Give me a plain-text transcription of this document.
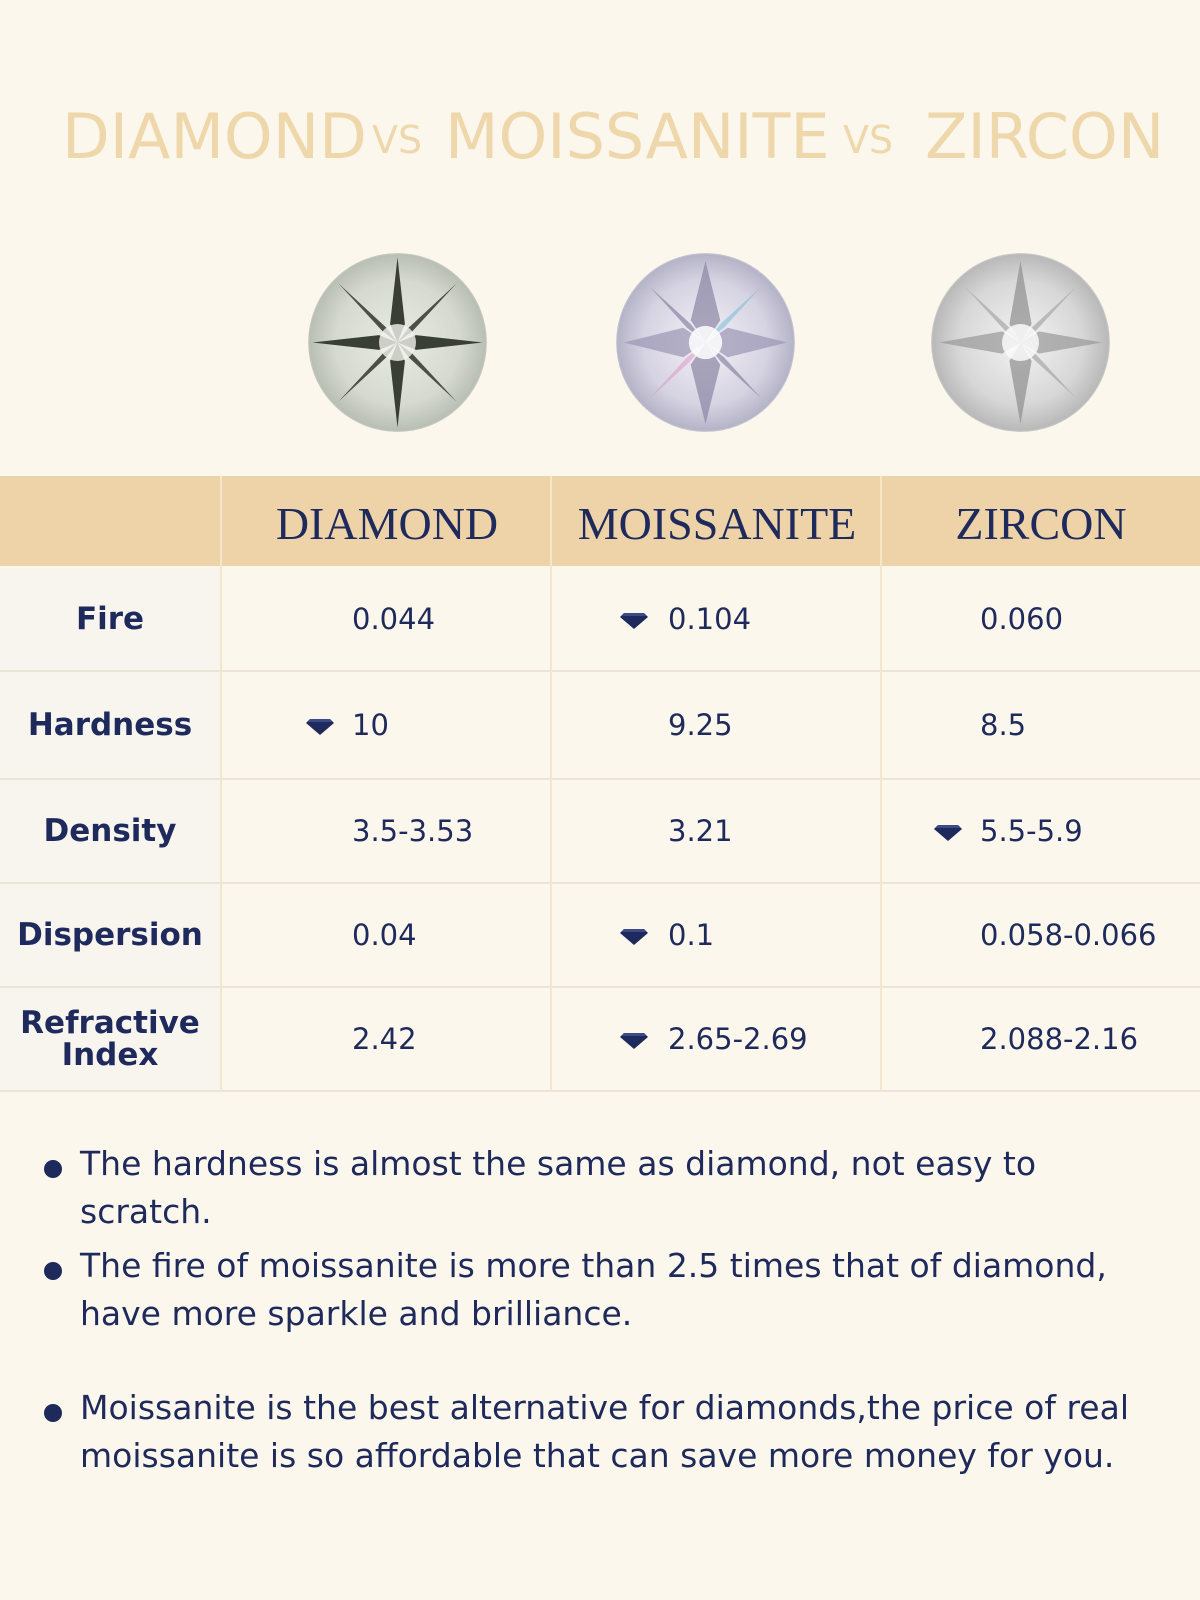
DIAMOND VS MOISSANITE VS ZIRCON
DIAMOND	MOISSANITE	ZIRCON
Fire	0.044	0.104	0.060
Hardness	10	9.25	8.5
Density	3.5-3.53	3.21	5.5-5.9
Dispersion	0.04	0.1	0.058-0.066
Refractive
Index	2.42	2.65-2.69	2.088-2.16
The hardness is almost the same as diamond, not easy to scratch.
The fire of moissanite is more than 2.5 times that of diamond, have more sparkle and brilliance.
Moissanite is the best alternative for diamonds,the price of real moissanite is so affordable that can save more money for you.
